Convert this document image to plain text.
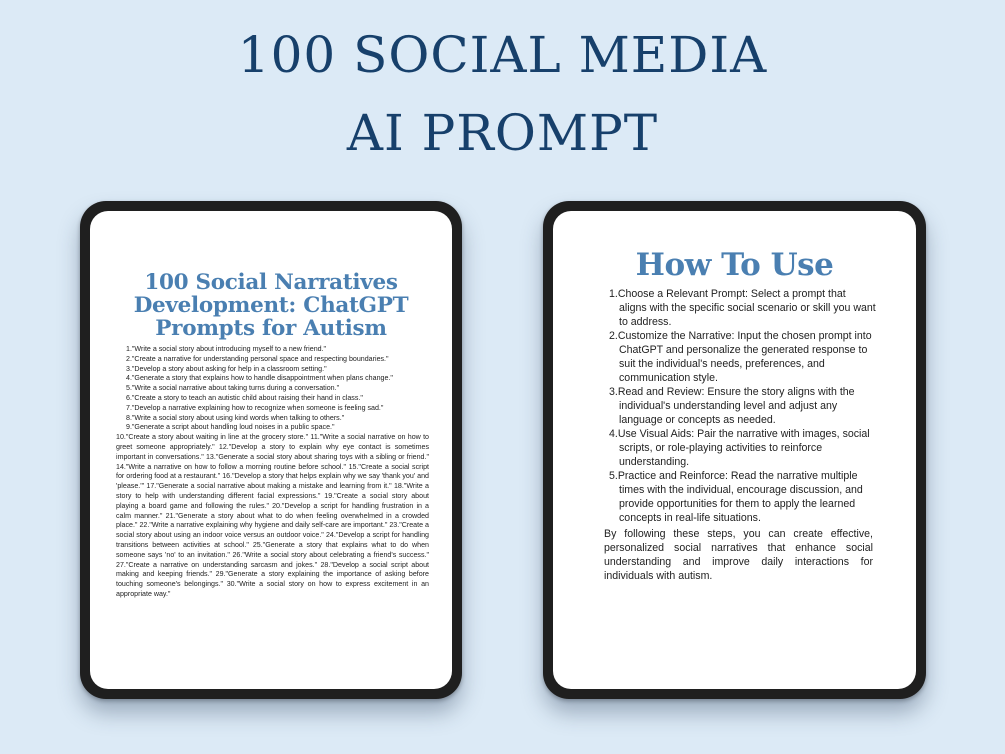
100 SOCIAL MEDIA
AI PROMPT
100 Social Narratives Development: ChatGPT Prompts for Autism
1."Write a social story about introducing myself to a new friend."
2."Create a narrative for understanding personal space and respecting boundaries."
3."Develop a story about asking for help in a classroom setting."
4."Generate a story that explains how to handle disappointment when plans change."
5."Write a social narrative about taking turns during a conversation."
6."Create a story to teach an autistic child about raising their hand in class."
7."Develop a narrative explaining how to recognize when someone is feeling sad."
8."Write a social story about using kind words when talking to others."
9."Generate a script about handling loud noises in a public space."
10."Create a story about waiting in line at the grocery store." 11."Write a social narrative on how to greet someone appropriately." 12."Develop a story to explain why eye contact is sometimes important in conversations." 13."Generate a social story about sharing toys with a sibling or friend." 14."Write a narrative on how to follow a morning routine before school." 15."Create a social script for ordering food at a restaurant." 16."Develop a story that helps explain why we say 'thank you' and 'please.'" 17."Generate a social narrative about making a mistake and learning from it." 18."Write a story to help with understanding different facial expressions." 19."Create a social story about playing a board game and following the rules." 20."Develop a script for handling frustration in a calm manner." 21."Generate a story about what to do when feeling overwhelmed in a crowded place." 22."Write a narrative explaining why hygiene and daily self-care are important." 23."Create a social story about using an indoor voice versus an outdoor voice." 24."Develop a script for handling transitions between activities at school." 25."Generate a story that explains what to do when someone says 'no' to an invitation." 26."Write a social story about celebrating a friend's success." 27."Create a narrative on understanding sarcasm and jokes." 28."Develop a social script about making and keeping friends." 29."Generate a story explaining the importance of asking before touching someone's belongings." 30."Write a social story on how to express excitement in an appropriate way."
How To Use
1.Choose a Relevant Prompt: Select a prompt that aligns with the specific social scenario or skill you want to address.
2.Customize the Narrative: Input the chosen prompt into ChatGPT and personalize the generated response to suit the individual's needs, preferences, and communication style.
3.Read and Review: Ensure the story aligns with the individual's understanding level and adjust any language or concepts as needed.
4.Use Visual Aids: Pair the narrative with images, social scripts, or role-playing activities to reinforce understanding.
5.Practice and Reinforce: Read the narrative multiple times with the individual, encourage discussion, and provide opportunities for them to apply the learned concepts in real-life situations.
By following these steps, you can create effective, personalized social narratives that enhance social understanding and improve daily interactions for individuals with autism.
